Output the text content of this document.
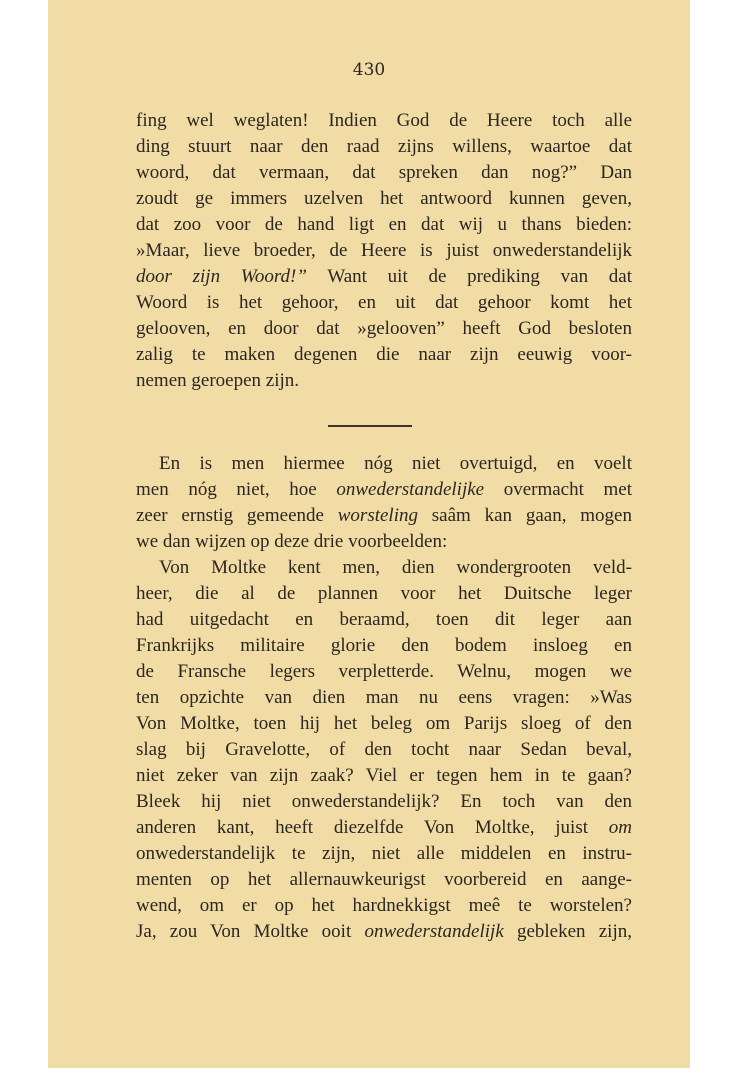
430
fing wel weglaten! Indien God de Heere toch alle
ding stuurt naar den raad zijns willens, waartoe dat
woord, dat vermaan, dat spreken dan nog?” Dan
zoudt ge immers uzelven het antwoord kunnen geven,
dat zoo voor de hand ligt en dat wij u thans bieden:
»Maar, lieve broeder, de Heere is juist onwederstandelijk
door zijn Woord!” Want uit de prediking van dat
Woord is het gehoor, en uit dat gehoor komt het
gelooven, en door dat »gelooven” heeft God besloten
zalig te maken degenen die naar zijn eeuwig voor-
nemen geroepen zijn.
En is men hiermee nóg niet overtuigd, en voelt
men nóg niet, hoe onwederstandelijke overmacht met
zeer ernstig gemeende worsteling saâm kan gaan, mogen
we dan wijzen op deze drie voorbeelden:
Von Moltke kent men, dien wondergrooten veld-
heer, die al de plannen voor het Duitsche leger
had uitgedacht en beraamd, toen dit leger aan
Frankrijks militaire glorie den bodem insloeg en
de Fransche legers verpletterde. Welnu, mogen we
ten opzichte van dien man nu eens vragen: »Was
Von Moltke, toen hij het beleg om Parijs sloeg of den
slag bij Gravelotte, of den tocht naar Sedan beval,
niet zeker van zijn zaak? Viel er tegen hem in te gaan?
Bleek hij niet onwederstandelijk? En toch van den
anderen kant, heeft diezelfde Von Moltke, juist om
onwederstandelijk te zijn, niet alle middelen en instru-
menten op het allernauwkeurigst voorbereid en aange-
wend, om er op het hardnekkigst meê te worstelen?
Ja, zou Von Moltke ooit onwederstandelijk gebleken zijn,
